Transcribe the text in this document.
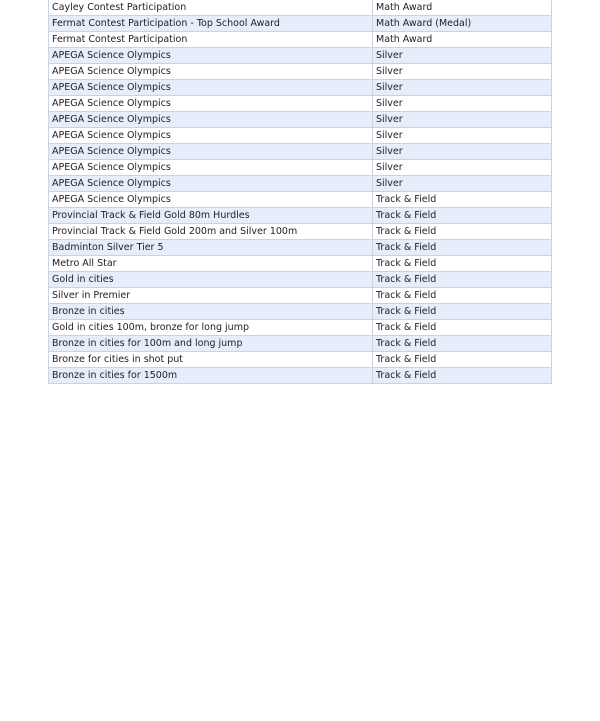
Cayley Contest Participation	Math Award
Fermat Contest Participation - Top School Award	Math Award (Medal)
Fermat Contest Participation	Math Award
APEGA Science Olympics	Silver
APEGA Science Olympics	Silver
APEGA Science Olympics	Silver
APEGA Science Olympics	Silver
APEGA Science Olympics	Silver
APEGA Science Olympics	Silver
APEGA Science Olympics	Silver
APEGA Science Olympics	Silver
APEGA Science Olympics	Silver
APEGA Science Olympics	Track & Field
Provincial Track & Field Gold 80m Hurdles	Track & Field
Provincial Track & Field Gold 200m and Silver 100m	Track & Field
Badminton Silver Tier 5	Track & Field
Metro All Star	Track & Field
Gold in cities	Track & Field
Silver in Premier	Track & Field
Bronze in cities	Track & Field
Gold in cities 100m, bronze for long jump	Track & Field
Bronze in cities for 100m and long jump	Track & Field
Bronze for cities in shot put	Track & Field
Bronze in cities for 1500m	Track & Field
